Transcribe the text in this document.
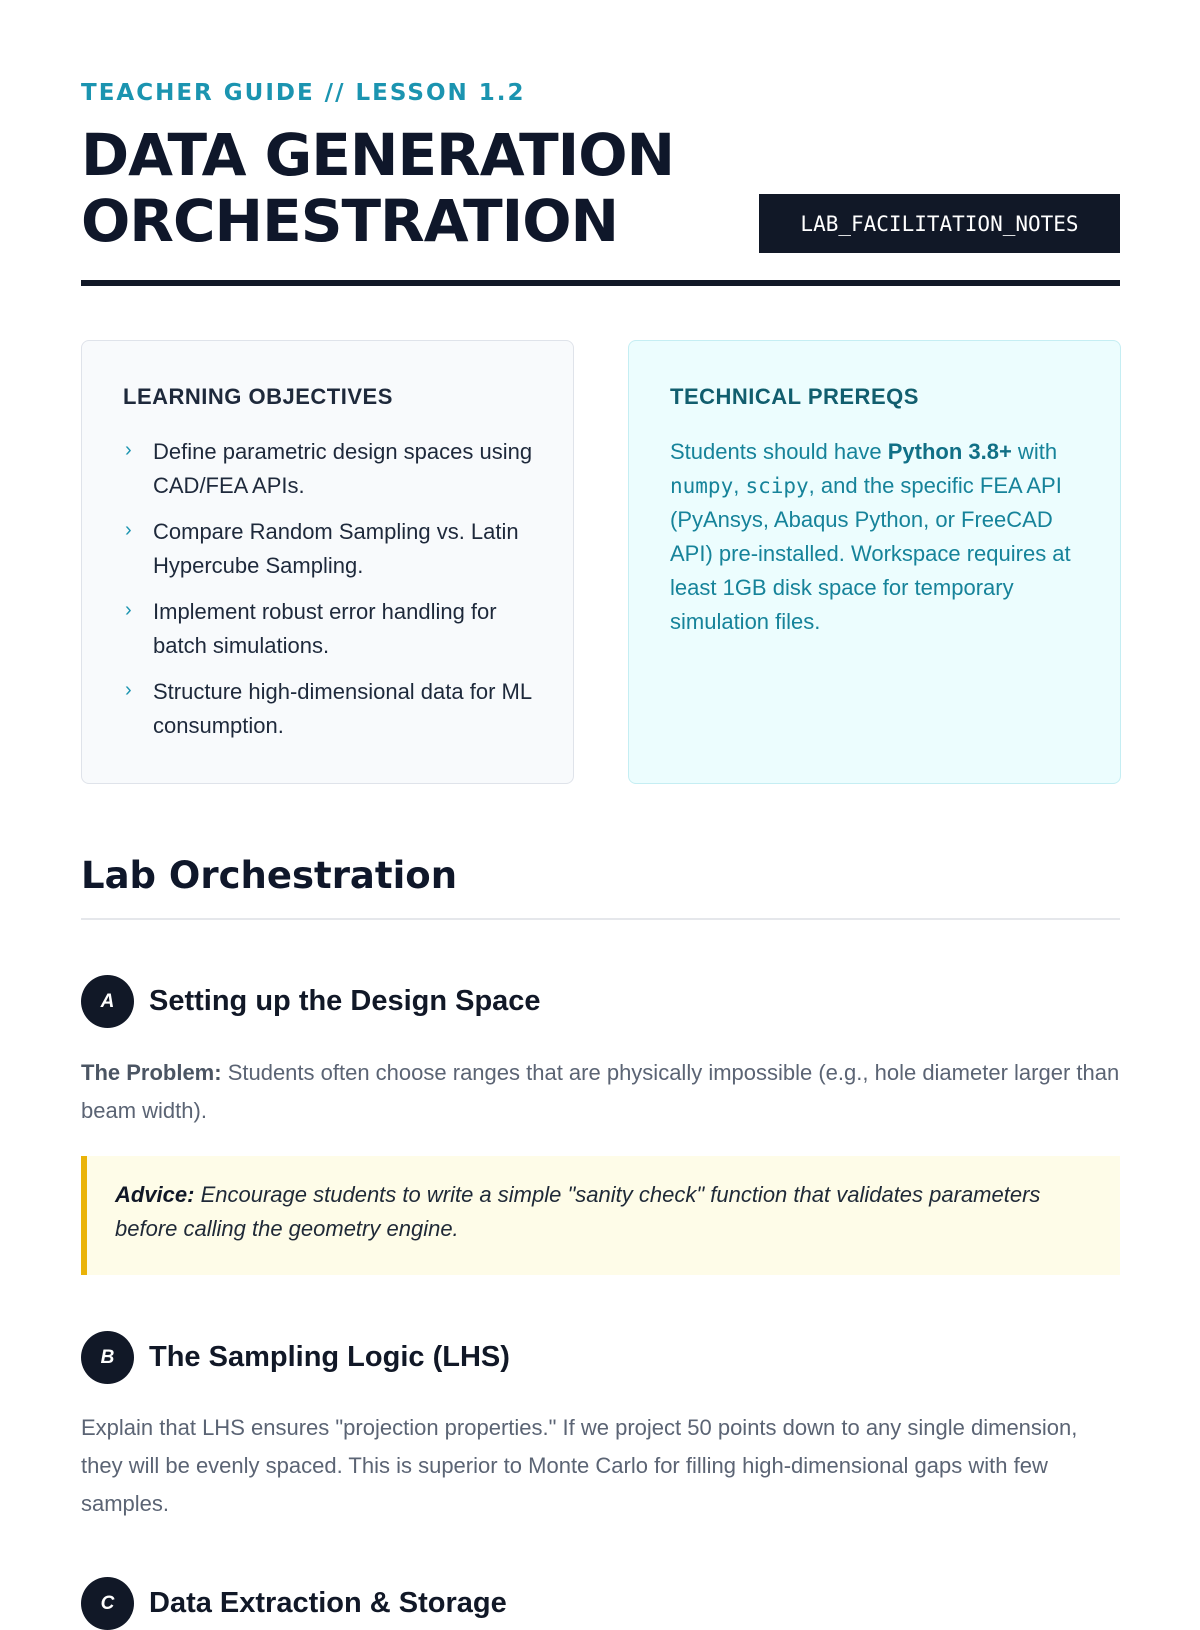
TEACHER GUIDE // LESSON 1.2
DATA GENERATION
ORCHESTRATION	LAB_FACILITATION_NOTES
LEARNING OBJECTIVES
› Define parametric design spaces using CAD/FEA APIs.
› Compare Random Sampling vs. Latin Hypercube Sampling.
› Implement robust error handling for batch simulations.
› Structure high-dimensional data for ML consumption.
TECHNICAL PREREQS

Students should have Python 3.8+ with numpy, scipy, and the specific FEA API (PyAnsys, Abaqus Python, or FreeCAD API) pre-installed. Workspace requires at least 1GB disk space for temporary simulation files.

Lab Orchestration
A	Setting up the Design Space

The Problem: Students often choose ranges that are physically impossible (e.g., hole diameter larger than beam width).

Advice: Encourage students to write a simple "sanity check" function that validates parameters before calling the geometry engine.
B	The Sampling Logic (LHS)

Explain that LHS ensures "projection properties." If we project 50 points down to any single dimension, they will be evenly spaced. This is superior to Monte Carlo for filling high-dimensional gaps with few samples.

C	Data Extraction & Storage
